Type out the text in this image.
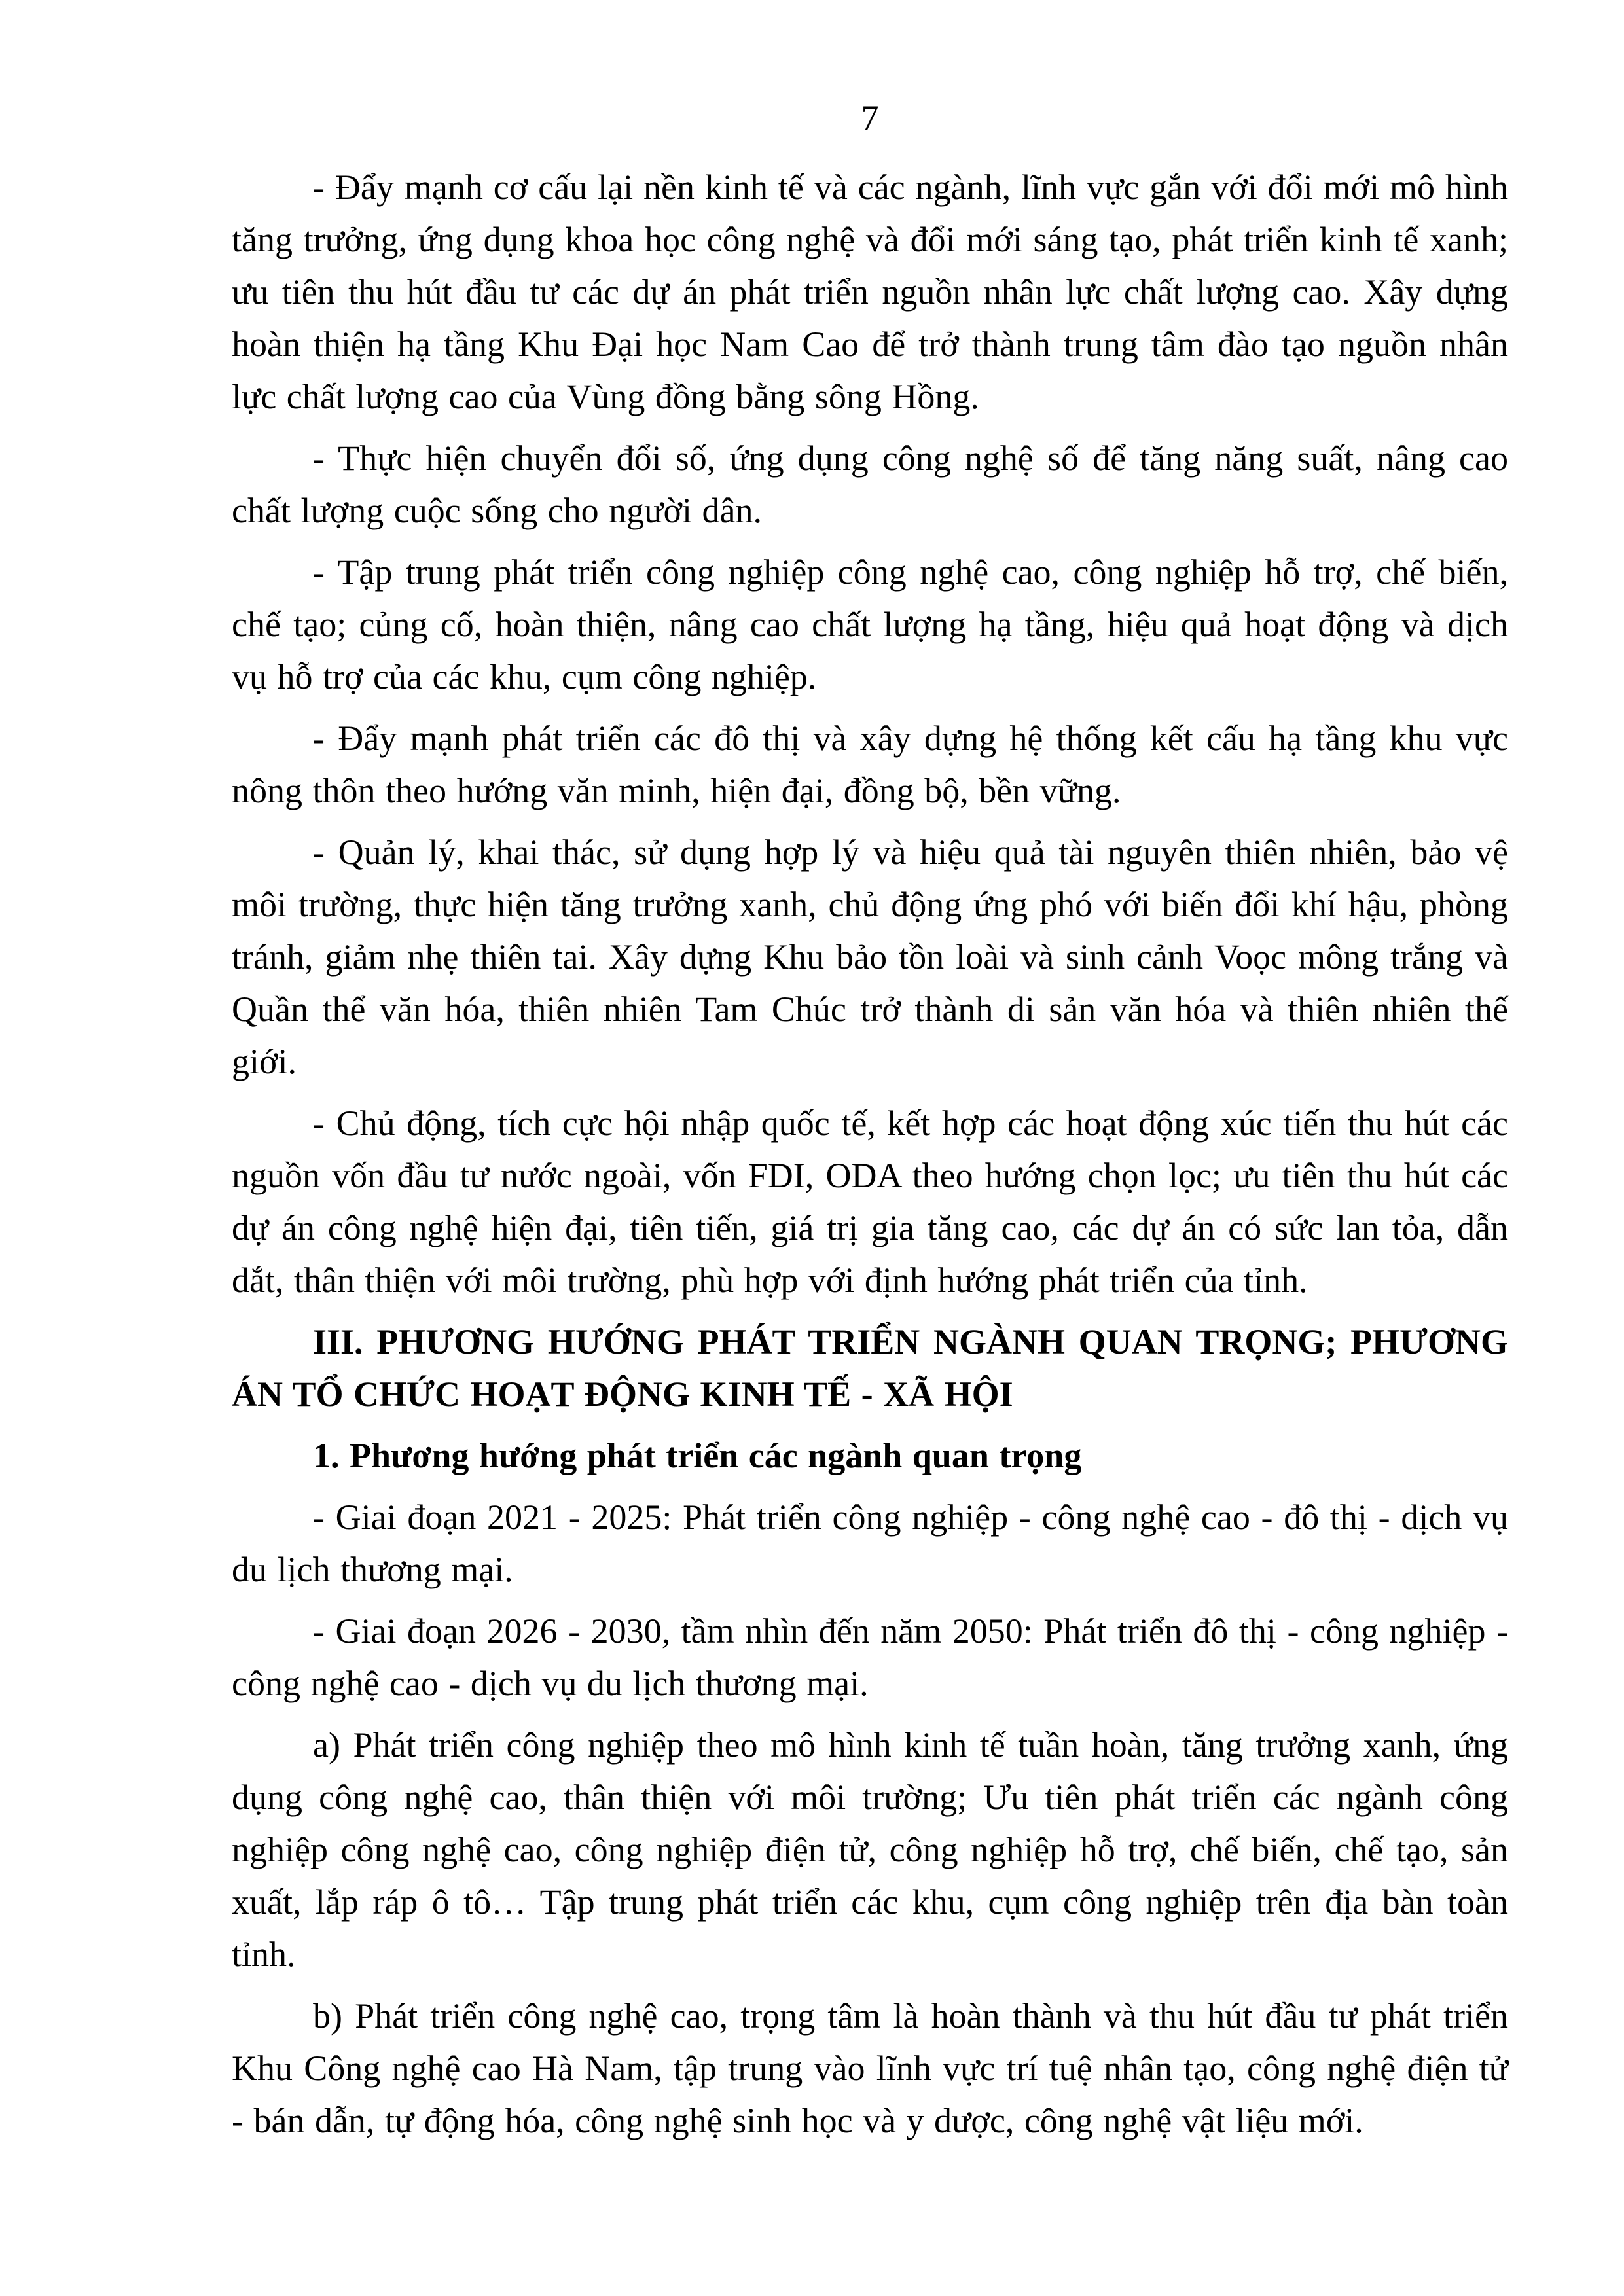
7

- Đẩy mạnh cơ cấu lại nền kinh tế và các ngành, lĩnh vực gắn với đổi mới mô hình tăng trưởng, ứng dụng khoa học công nghệ và đổi mới sáng tạo, phát triển kinh tế xanh; ưu tiên thu hút đầu tư các dự án phát triển nguồn nhân lực chất lượng cao. Xây dựng hoàn thiện hạ tầng Khu Đại học Nam Cao để trở thành trung tâm đào tạo nguồn nhân lực chất lượng cao của Vùng đồng bằng sông Hồng.

- Thực hiện chuyển đổi số, ứng dụng công nghệ số để tăng năng suất, nâng cao chất lượng cuộc sống cho người dân.

- Tập trung phát triển công nghiệp công nghệ cao, công nghiệp hỗ trợ, chế biến, chế tạo; củng cố, hoàn thiện, nâng cao chất lượng hạ tầng, hiệu quả hoạt động và dịch vụ hỗ trợ của các khu, cụm công nghiệp.

- Đẩy mạnh phát triển các đô thị và xây dựng hệ thống kết cấu hạ tầng khu vực nông thôn theo hướng văn minh, hiện đại, đồng bộ, bền vững.

- Quản lý, khai thác, sử dụng hợp lý và hiệu quả tài nguyên thiên nhiên, bảo vệ môi trường, thực hiện tăng trưởng xanh, chủ động ứng phó với biến đổi khí hậu, phòng tránh, giảm nhẹ thiên tai. Xây dựng Khu bảo tồn loài và sinh cảnh Voọc mông trắng và Quần thể văn hóa, thiên nhiên Tam Chúc trở thành di sản văn hóa và thiên nhiên thế giới.

- Chủ động, tích cực hội nhập quốc tế, kết hợp các hoạt động xúc tiến thu hút các nguồn vốn đầu tư nước ngoài, vốn FDI, ODA theo hướng chọn lọc; ưu tiên thu hút các dự án công nghệ hiện đại, tiên tiến, giá trị gia tăng cao, các dự án có sức lan tỏa, dẫn dắt, thân thiện với môi trường, phù hợp với định hướng phát triển của tỉnh.

III. PHƯƠNG HƯỚNG PHÁT TRIỂN NGÀNH QUAN TRỌNG; PHƯƠNG ÁN TỔ CHỨC HOẠT ĐỘNG KINH TẾ - XÃ HỘI

1. Phương hướng phát triển các ngành quan trọng

- Giai đoạn 2021 - 2025: Phát triển công nghiệp - công nghệ cao - đô thị - dịch vụ du lịch thương mại.

- Giai đoạn 2026 - 2030, tầm nhìn đến năm 2050: Phát triển đô thị - công nghiệp - công nghệ cao - dịch vụ du lịch thương mại.

a) Phát triển công nghiệp theo mô hình kinh tế tuần hoàn, tăng trưởng xanh, ứng dụng công nghệ cao, thân thiện với môi trường; Ưu tiên phát triển các ngành công nghiệp công nghệ cao, công nghiệp điện tử, công nghiệp hỗ trợ, chế biến, chế tạo, sản xuất, lắp ráp ô tô… Tập trung phát triển các khu, cụm công nghiệp trên địa bàn toàn tỉnh.

b) Phát triển công nghệ cao, trọng tâm là hoàn thành và thu hút đầu tư phát triển Khu Công nghệ cao Hà Nam, tập trung vào lĩnh vực trí tuệ nhân tạo, công nghệ điện tử - bán dẫn, tự động hóa, công nghệ sinh học và y dược, công nghệ vật liệu mới.
